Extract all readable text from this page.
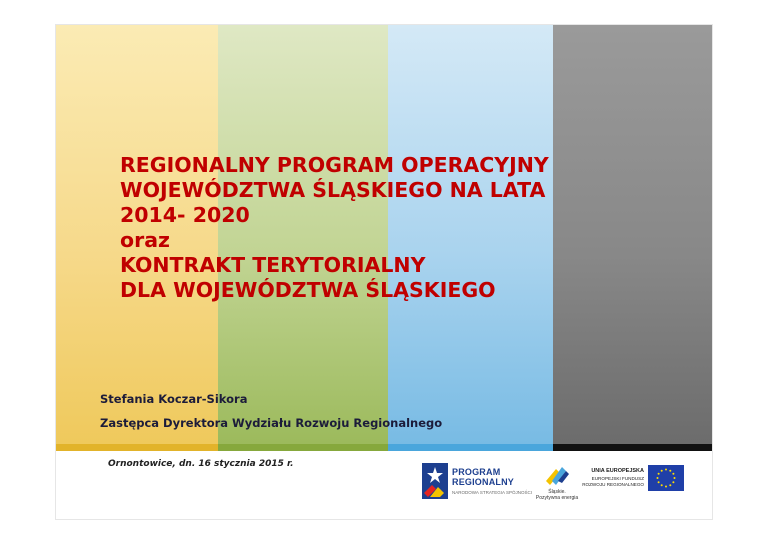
REGIONALNY PROGRAM OPERACYJNY
WOJEWÓDZTWA ŚLĄSKIEGO NA LATA
2014- 2020
oraz
KONTRAKT TERYTORIALNY
DLA WOJEWÓDZTWA ŚLĄSKIEGO

Stefania Koczar-Sikora

Zastępca Dyrektora Wydziału Rozwoju Regionalnego

Ornontowice, dn. 16 stycznia 2015 r.
PROGRAM
REGIONALNY
NARODOWA STRATEGIA SPÓJNOŚCI	Śląskie.
Pozytywna energia
UNIA EUROPEJSKA
EUROPEJSKI FUNDUSZ
ROZWOJU REGIONALNEGO
